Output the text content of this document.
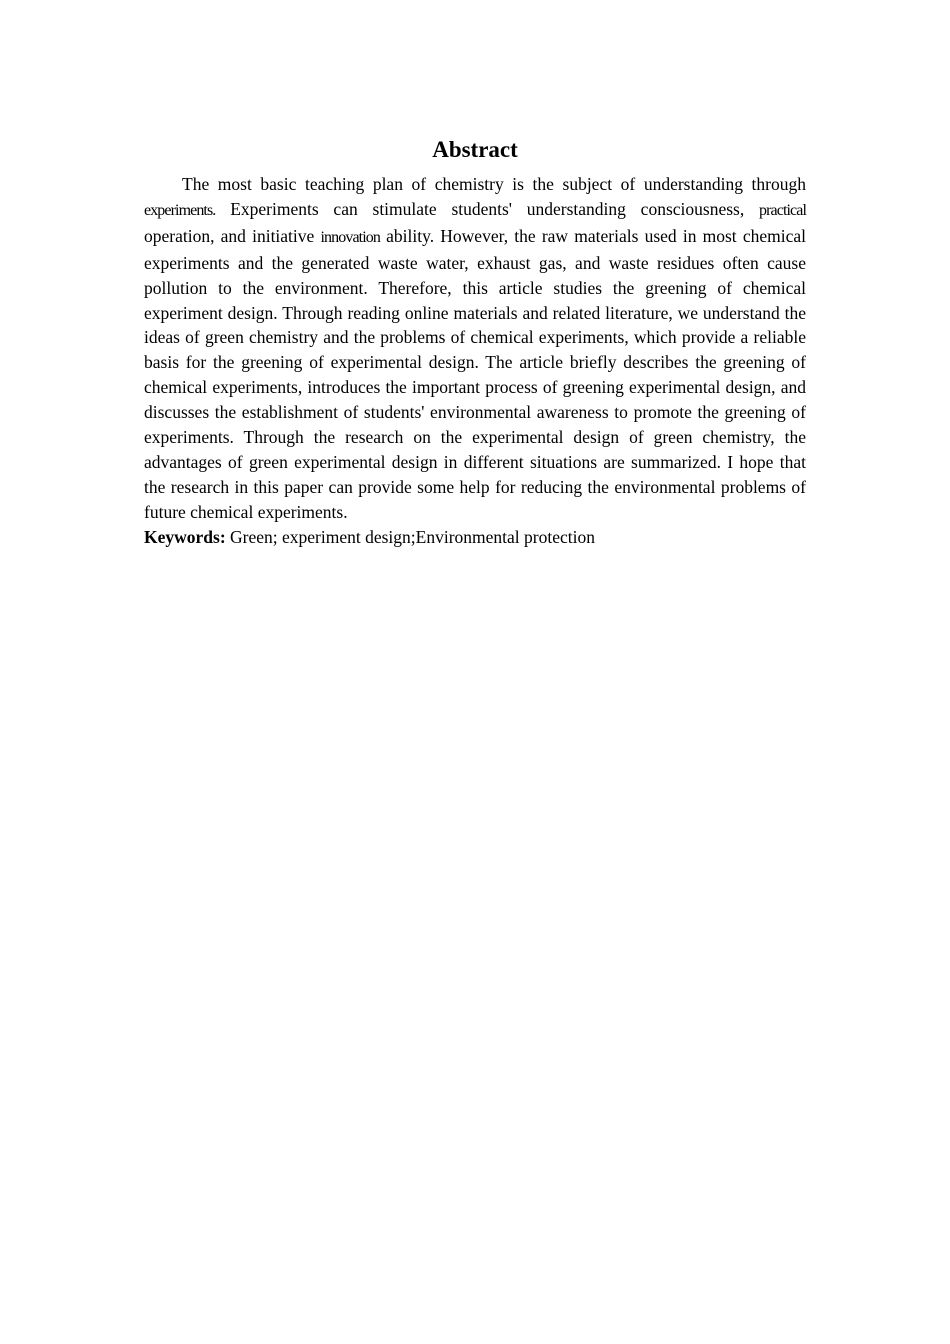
Abstract

The most basic teaching plan of chemistry is the subject of understanding through experiments. Experiments can stimulate students' understanding consciousness, practical operation, and initiative innovation ability. However, the raw materials used in most chemical experiments and the generated waste water, exhaust gas, and waste residues often cause pollution to the environment. Therefore, this article studies the greening of chemical experiment design. Through reading online materials and related literature, we understand the ideas of green chemistry and the problems of chemical experiments, which provide a reliable basis for the greening of experimental design. The article briefly describes the greening of chemical experiments, introduces the important process of greening experimental design, and discusses the establishment of students' environmental awareness to promote the greening of experiments. Through the research on the experimental design of green chemistry, the advantages of green experimental design in different situations are summarized. I hope that the research in this paper can provide some help for reducing the environmental problems of future chemical experiments.

Keywords: Green; experiment design;Environmental protection
